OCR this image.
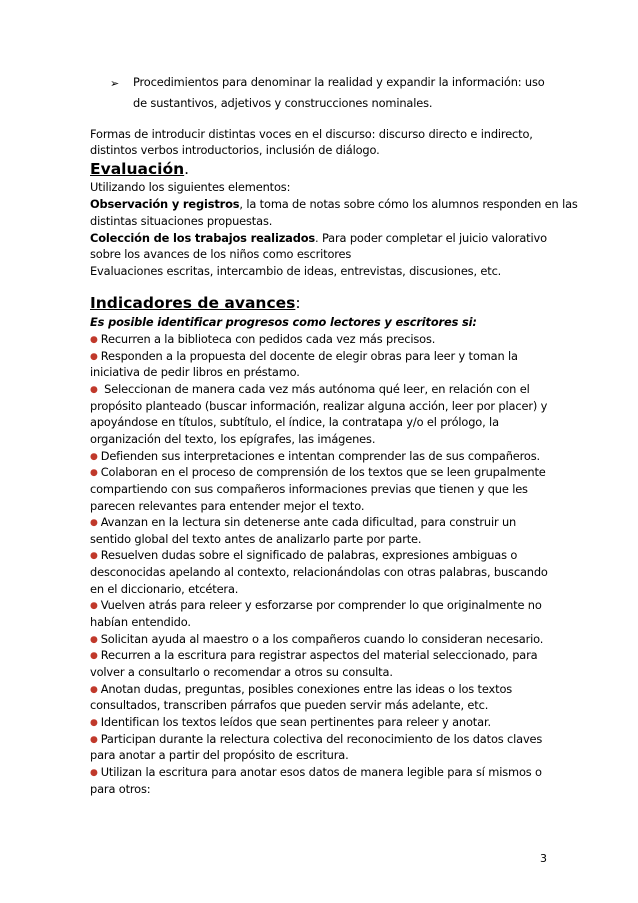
➢ Procedimientos para denominar la realidad y expandir la información: uso
de sustantivos, adjetivos y construcciones nominales.
Formas de introducir distintas voces en el discurso: discurso directo e indirecto,
distintos verbos introductorios, inclusión de diálogo.
Evaluación.
Utilizando los siguientes elementos:
Observación y registros, la toma de notas sobre cómo los alumnos responden en las
distintas situaciones propuestas.
Colección de los trabajos realizados. Para poder completar el juicio valorativo
sobre los avances de los niños como escritores
Evaluaciones escritas, intercambio de ideas, entrevistas, discusiones, etc.
Indicadores de avances:
Es posible identificar progresos como lectores y escritores si:
● Recurren a la biblioteca con pedidos cada vez más precisos.
● Responden a la propuesta del docente de elegir obras para leer y toman la
iniciativa de pedir libros en préstamo.
● Seleccionan de manera cada vez más autónoma qué leer, en relación con el
propósito planteado (buscar información, realizar alguna acción, leer por placer) y
apoyándose en títulos, subtítulo, el índice, la contratapa y/o el prólogo, la
organización del texto, los epígrafes, las imágenes.
● Defienden sus interpretaciones e intentan comprender las de sus compañeros.
● Colaboran en el proceso de comprensión de los textos que se leen grupalmente
compartiendo con sus compañeros informaciones previas que tienen y que les
parecen relevantes para entender mejor el texto.
● Avanzan en la lectura sin detenerse ante cada dificultad, para construir un
sentido global del texto antes de analizarlo parte por parte.
● Resuelven dudas sobre el significado de palabras, expresiones ambiguas o
desconocidas apelando al contexto, relacionándolas con otras palabras, buscando
en el diccionario, etcétera.
● Vuelven atrás para releer y esforzarse por comprender lo que originalmente no
habían entendido.
● Solicitan ayuda al maestro o a los compañeros cuando lo consideran necesario.
● Recurren a la escritura para registrar aspectos del material seleccionado, para
volver a consultarlo o recomendar a otros su consulta.
● Anotan dudas, preguntas, posibles conexiones entre las ideas o los textos
consultados, transcriben párrafos que pueden servir más adelante, etc.
● Identifican los textos leídos que sean pertinentes para releer y anotar.
● Participan durante la relectura colectiva del reconocimiento de los datos claves
para anotar a partir del propósito de escritura.
● Utilizan la escritura para anotar esos datos de manera legible para sí mismos o
para otros:
3
